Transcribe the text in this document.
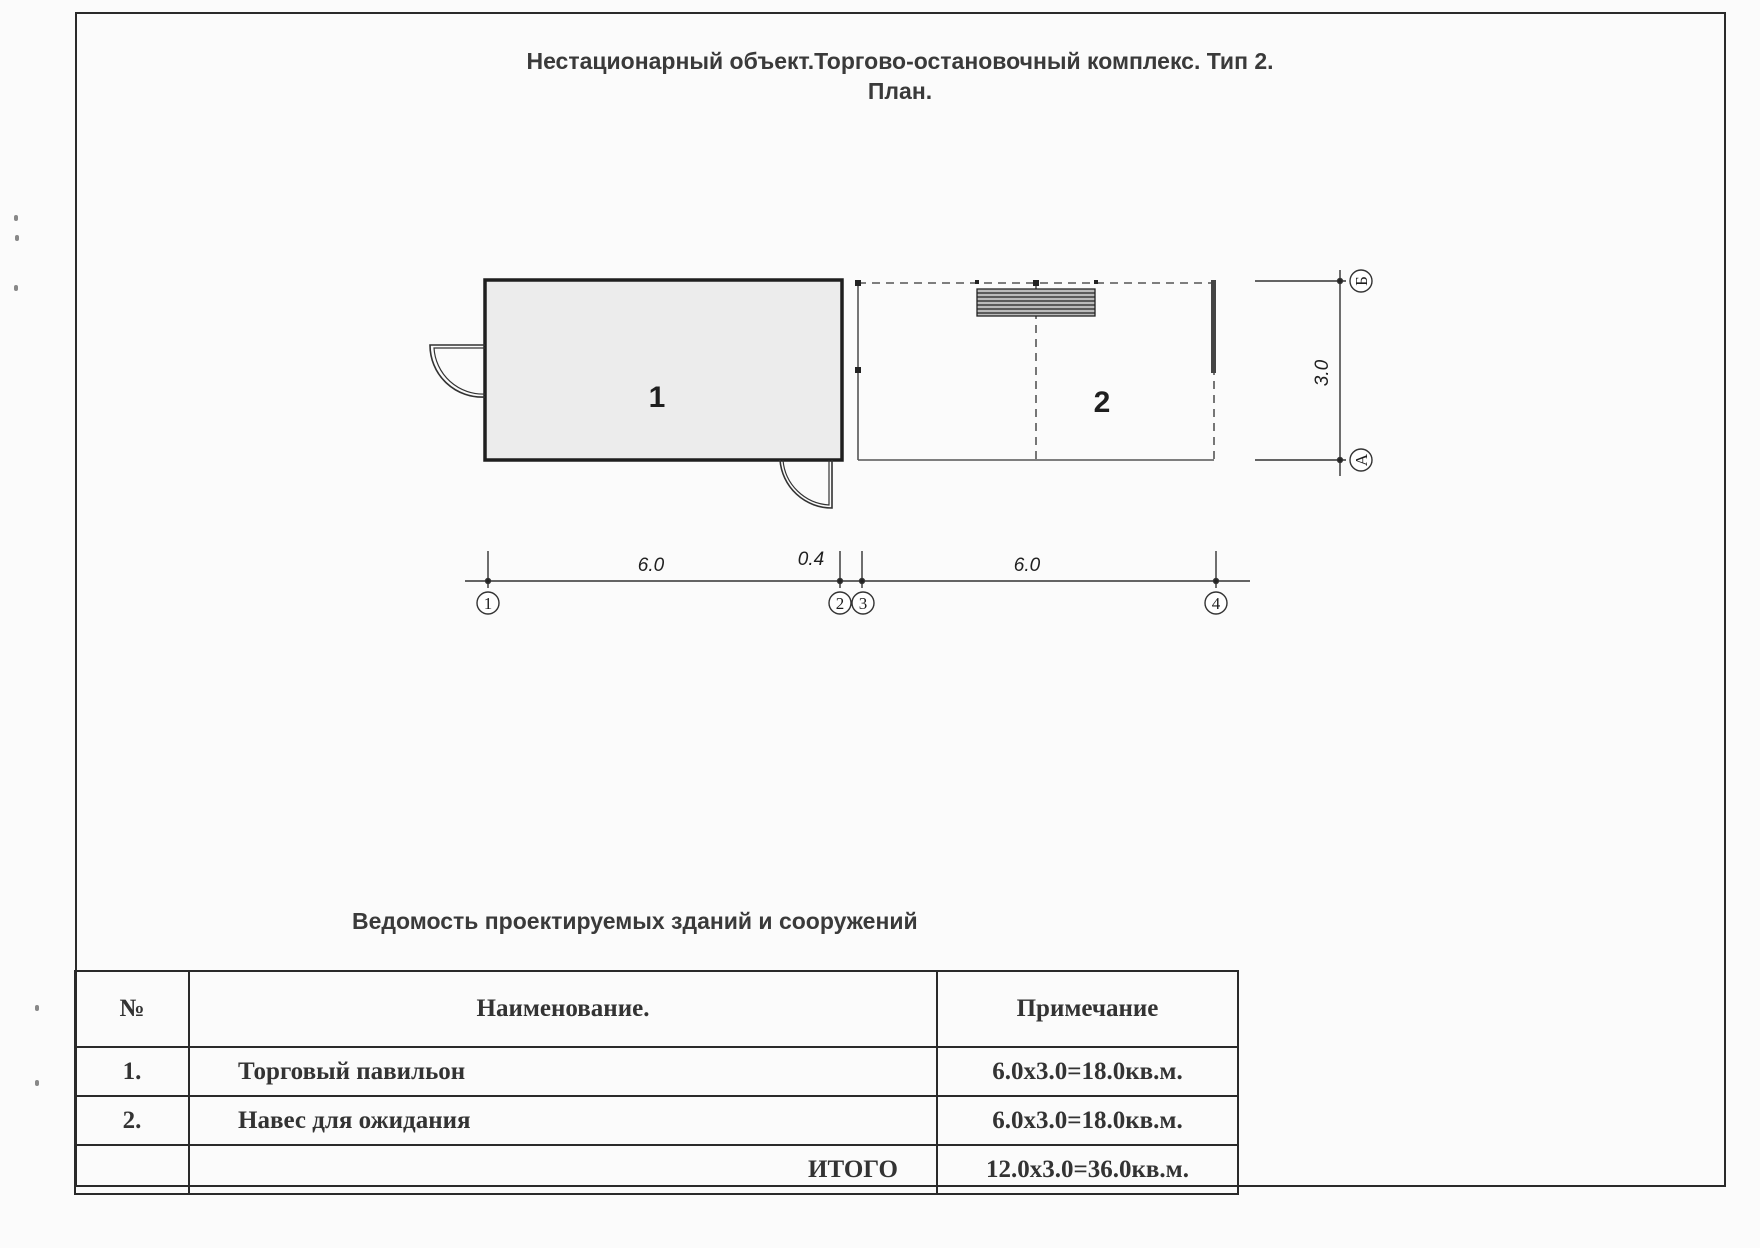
Нестационарный объект.Торгово-остановочный комплекс. Тип 2.
План.
1	2
6.0	0.4	6.0
1	2 3	4
3.0
Б
А
Ведомость проектируемых зданий и сооружений
№	Наименование.	Примечание
1.	Торговый павильон	6.0x3.0=18.0кв.м.
2.	Навес для ожидания	6.0x3.0=18.0кв.м.
	ИТОГО	12.0x3.0=36.0кв.м.
